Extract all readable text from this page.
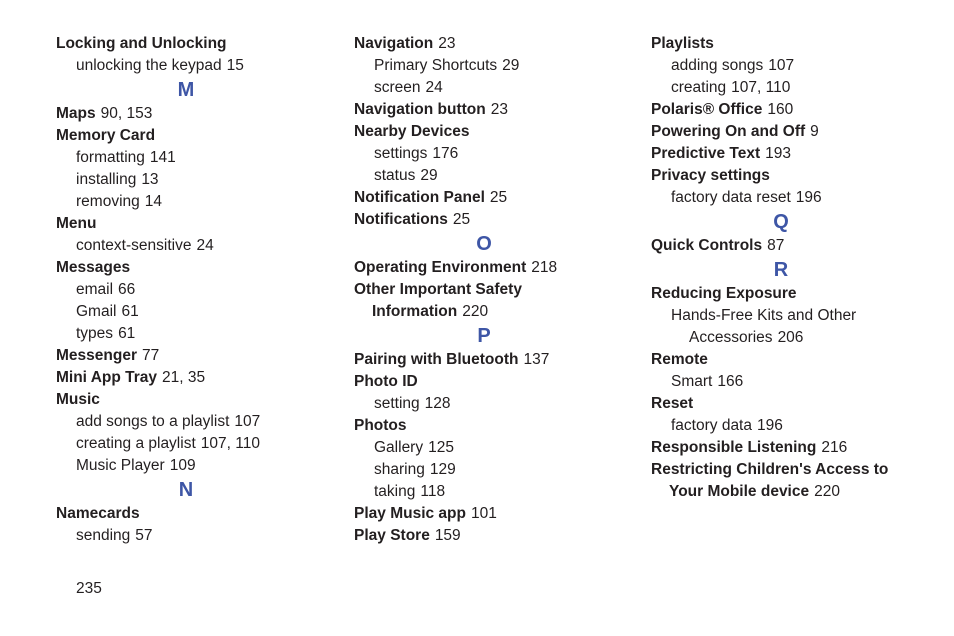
Locking and Unlocking
unlocking the keypad 15
M
Maps 90, 153
Memory Card
formatting 141
installing 13
removing 14
Menu
context-sensitive 24
Messages
email 66
Gmail 61
types 61
Messenger 77
Mini App Tray 21, 35
Music
add songs to a playlist 107
creating a playlist 107, 110
Music Player 109
N
Namecards
sending 57
Navigation 23
Primary Shortcuts 29
screen 24
Navigation button 23
Nearby Devices
settings 176
status 29
Notification Panel 25
Notifications 25
O
Operating Environment 218
Other Important Safety
Information 220
P
Pairing with Bluetooth 137
Photo ID
setting 128
Photos
Gallery 125
sharing 129
taking 118
Play Music app 101
Play Store 159
Playlists
adding songs 107
creating 107, 110
Polaris® Office 160
Powering On and Off 9
Predictive Text 193
Privacy settings
factory data reset 196
Q
Quick Controls 87
R
Reducing Exposure
Hands-Free Kits and Other
Accessories 206
Remote
Smart 166
Reset
factory data 196
Responsible Listening 216
Restricting Children's Access to
Your Mobile device 220
235
